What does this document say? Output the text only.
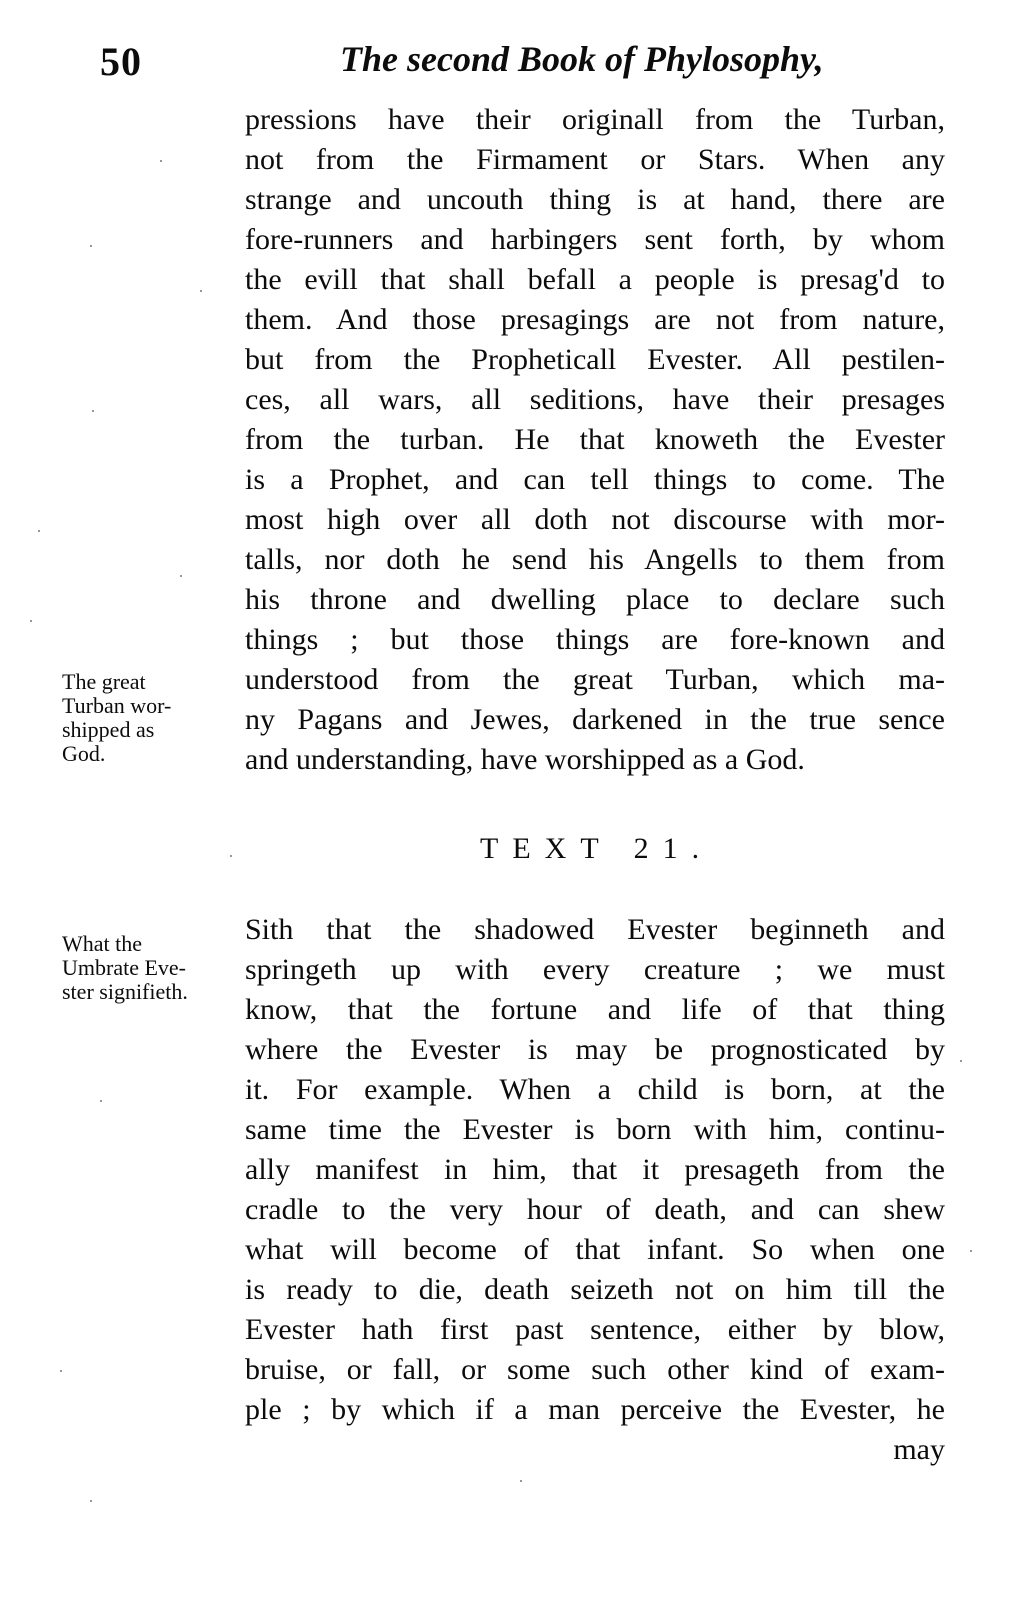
50	The second Book of Phylosophy,
pressions have their originall from the Turban,
not from the Firmament or Stars. When any
strange and uncouth thing is at hand, there are
fore-runners and harbingers sent forth, by whom
the evill that shall befall a people is presag'd to
them. And those presagings are not from nature,
but from the Propheticall Evester. All pestilen-
ces, all wars, all seditions, have their presages
from the turban. He that knoweth the Evester
is a Prophet, and can tell things to come. The
most high over all doth not discourse with mor-
talls, nor doth he send his Angells to them from
his throne and dwelling place to declare such
things ; but those things are fore-known and
understood from the great Turban, which ma-
ny Pagans and Jewes, darkened in the true sence
and understanding, have worshipped as a God.
The great
Turban wor-
shipped as
God.
TEXT 21.
What the
Umbrate Eve-
ster signifieth.
Sith that the shadowed Evester beginneth and
springeth up with every creature ; we must
know, that the fortune and life of that thing
where the Evester is may be prognosticated by
it. For example. When a child is born, at the
same time the Evester is born with him, continu-
ally manifest in him, that it presageth from the
cradle to the very hour of death, and can shew
what will become of that infant. So when one
is ready to die, death seizeth not on him till the
Evester hath first past sentence, either by blow,
bruise, or fall, or some such other kind of exam-
ple ; by which if a man perceive the Evester, he
may
